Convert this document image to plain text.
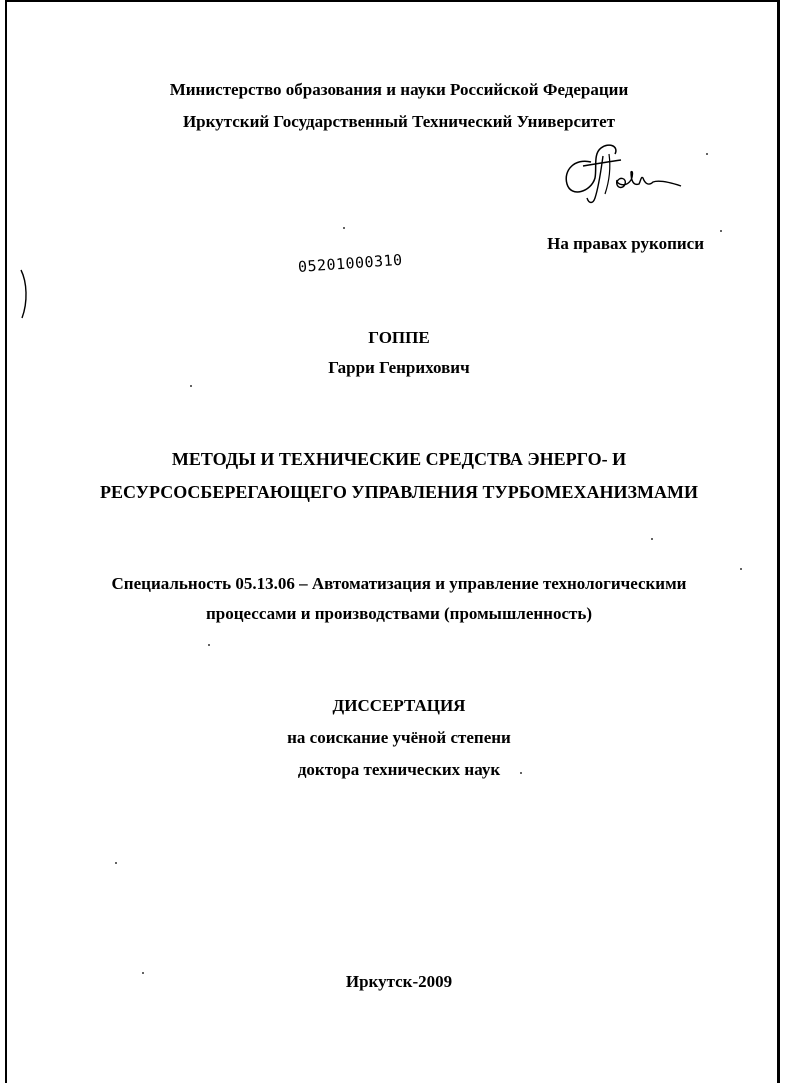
Министерство образования и науки Российской Федерации
Иркутский Государственный Технический Университет
На правах рукописи
05201000310
ГОППЕ
Гарри Генрихович
МЕТОДЫ И ТЕХНИЧЕСКИЕ СРЕДСТВА ЭНЕРГО- И
РЕСУРСОСБЕРЕГАЮЩЕГО УПРАВЛЕНИЯ ТУРБОМЕХАНИЗМАМИ
Специальность 05.13.06 – Автоматизация и управление технологическими
процессами и производствами (промышленность)
ДИССЕРТАЦИЯ
на соискание учёной степени
доктора технических наук
Иркутск-2009
